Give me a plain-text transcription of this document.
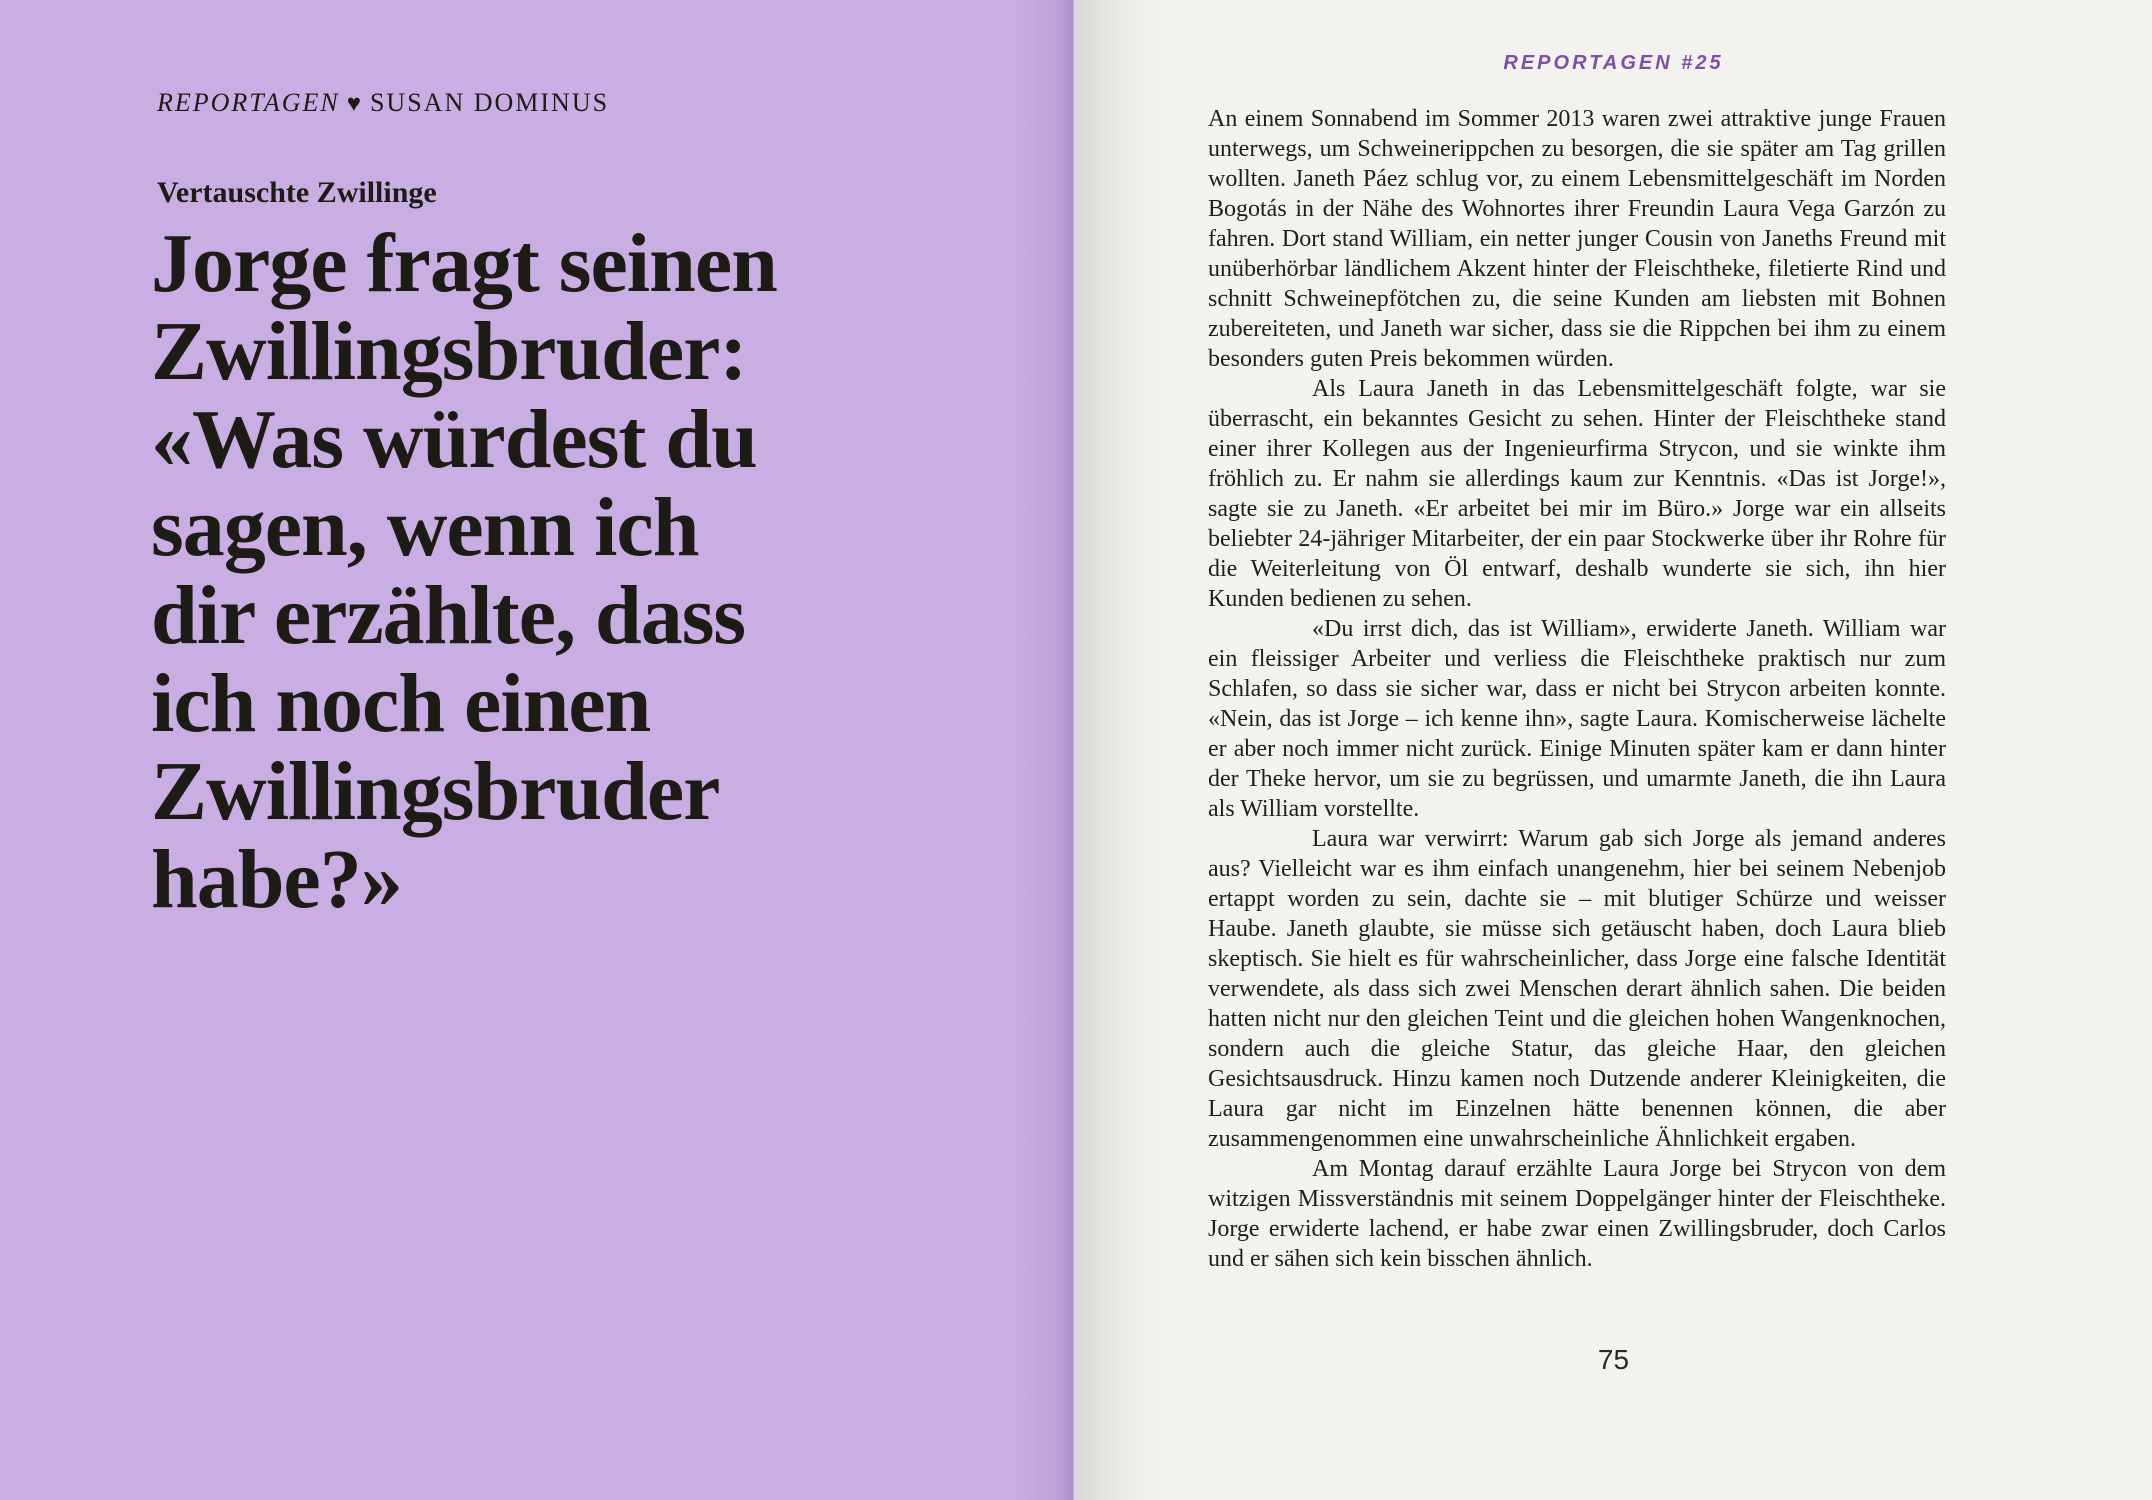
REPORTAGEN ♥ SUSAN DOMINUS
Vertauschte Zwillinge
Jorge fragt seinen
Zwillingsbruder:
«Was würdest du
sagen, wenn ich
dir erzählte, dass
ich noch einen
Zwillingsbruder
habe?»
REPORTAGEN #25

An einem Sonnabend im Sommer 2013 waren zwei attraktive junge Frauen unterwegs, um Schweinerippchen zu besorgen, die sie später am Tag grillen wollten. Janeth Páez schlug vor, zu einem Lebensmittelgeschäft im Norden Bogotás in der Nähe des Wohnortes ihrer Freundin Laura Vega Garzón zu fahren. Dort stand William, ein netter junger Cousin von Janeths Freund mit unüberhörbar ländlichem Akzent hinter der Fleischtheke, filetierte Rind und schnitt Schweinepfötchen zu, die seine Kunden am liebsten mit Bohnen zubereiteten, und Janeth war sicher, dass sie die Rippchen bei ihm zu einem besonders guten Preis bekommen würden.

Als Laura Janeth in das Lebensmittelgeschäft folgte, war sie überrascht, ein bekanntes Gesicht zu sehen. Hinter der Fleischtheke stand einer ihrer Kollegen aus der Ingenieurfirma Strycon, und sie winkte ihm fröhlich zu. Er nahm sie allerdings kaum zur Kenntnis. «Das ist Jorge!», sagte sie zu Janeth. «Er arbeitet bei mir im Büro.» Jorge war ein allseits beliebter 24-jähriger Mitarbeiter, der ein paar Stockwerke über ihr Rohre für die Weiterleitung von Öl entwarf, deshalb wunderte sie sich, ihn hier Kunden bedienen zu sehen.

«Du irrst dich, das ist William», erwiderte Janeth. William war ein fleissiger Arbeiter und verliess die Fleischtheke praktisch nur zum Schlafen, so dass sie sicher war, dass er nicht bei Strycon arbeiten konnte. «Nein, das ist Jorge – ich kenne ihn», sagte Laura. Komischerweise lächelte er aber noch immer nicht zurück. Einige Minuten später kam er dann hinter der Theke hervor, um sie zu begrüssen, und umarmte Janeth, die ihn Laura als William vorstellte.

Laura war verwirrt: Warum gab sich Jorge als jemand anderes aus? Vielleicht war es ihm einfach unangenehm, hier bei seinem Nebenjob ertappt worden zu sein, dachte sie – mit blutiger Schürze und weisser Haube. Janeth glaubte, sie müsse sich getäuscht haben, doch Laura blieb skeptisch. Sie hielt es für wahrscheinlicher, dass Jorge eine falsche Identität verwendete, als dass sich zwei Menschen derart ähnlich sahen. Die beiden hatten nicht nur den gleichen Teint und die gleichen hohen Wangenknochen, sondern auch die gleiche Statur, das gleiche Haar, den gleichen Gesichtsausdruck. Hinzu kamen noch Dutzende anderer Kleinigkeiten, die Laura gar nicht im Einzelnen hätte benennen können, die aber zusammengenommen eine unwahrscheinliche Ähnlichkeit ergaben.

Am Montag darauf erzählte Laura Jorge bei Strycon von dem witzigen Missverständnis mit seinem Doppelgänger hinter der Fleischtheke. Jorge erwiderte lachend, er habe zwar einen Zwillingsbruder, doch Carlos und er sähen sich kein bisschen ähnlich.

75
